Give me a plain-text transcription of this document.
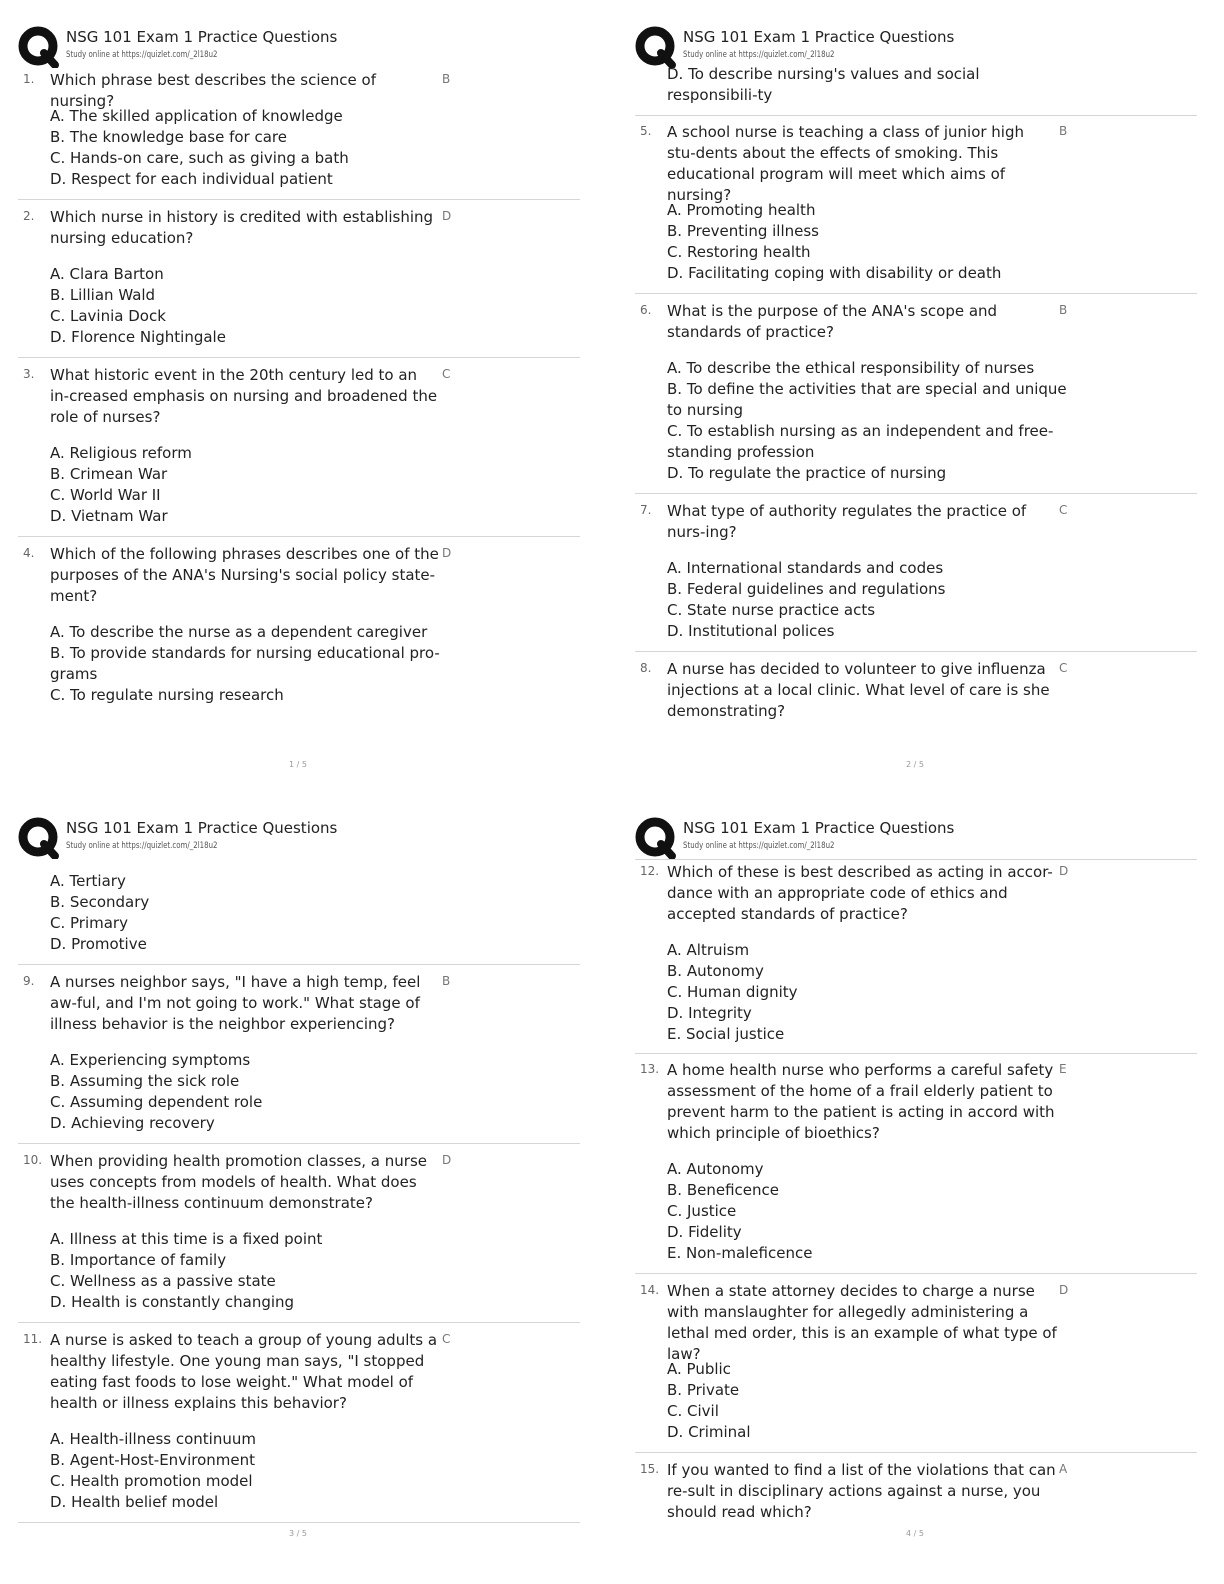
NSG 101 Exam 1 Practice Questions
Study online at https://quizlet.com/_2l18u2
1. Which phrase best describes the science of nursing?
B
A. The skilled application of knowledge
B. The knowledge base for care
C. Hands-on care, such as giving a bath
D. Respect for each individual patient
2. Which nurse in history is credited with establishing nursing education?
D
A. Clara Barton
B. Lillian Wald
C. Lavinia Dock
D. Florence Nightingale
3. What historic event in the 20th century led to an in-creased emphasis on nursing and broadened the role of nurses?
C
A. Religious reform
B. Crimean War
C. World War II
D. Vietnam War
4. Which of the following phrases describes one of the purposes of the ANA's Nursing's social policy state-ment?
D
A. To describe the nurse as a dependent caregiver
B. To provide standards for nursing educational pro-grams
C. To regulate nursing research
1 / 5
NSG 101 Exam 1 Practice Questions
Study online at https://quizlet.com/_2l18u2
D. To describe nursing's values and social responsibili-ty
5. A school nurse is teaching a class of junior high stu-dents about the effects of smoking. This educational program will meet which aims of nursing?
B
A. Promoting health
B. Preventing illness
C. Restoring health
D. Facilitating coping with disability or death
6. What is the purpose of the ANA's scope and standards of practice?
B
A. To describe the ethical responsibility of nurses
B. To define the activities that are special and unique to nursing
C. To establish nursing as an independent and free-standing profession
D. To regulate the practice of nursing
7. What type of authority regulates the practice of nurs-ing?
C
A. International standards and codes
B. Federal guidelines and regulations
C. State nurse practice acts
D. Institutional polices
8. A nurse has decided to volunteer to give influenza injections at a local clinic. What level of care is she demonstrating?
C
2 / 5
NSG 101 Exam 1 Practice Questions
Study online at https://quizlet.com/_2l18u2
A. Tertiary
B. Secondary
C. Primary
D. Promotive
9. A nurses neighbor says, "I have a high temp, feel aw-ful, and I'm not going to work." What stage of illness behavior is the neighbor experiencing?
B
A. Experiencing symptoms
B. Assuming the sick role
C. Assuming dependent role
D. Achieving recovery
10. When providing health promotion classes, a nurse uses concepts from models of health. What does the health-illness continuum demonstrate?
D
A. Illness at this time is a fixed point
B. Importance of family
C. Wellness as a passive state
D. Health is constantly changing
11. A nurse is asked to teach a group of young adults a healthy lifestyle. One young man says, "I stopped eating fast foods to lose weight." What model of health or illness explains this behavior?
C
A. Health-illness continuum
B. Agent-Host-Environment
C. Health promotion model
D. Health belief model
3 / 5
NSG 101 Exam 1 Practice Questions
Study online at https://quizlet.com/_2l18u2
12. Which of these is best described as acting in accor-dance with an appropriate code of ethics and accepted standards of practice?
D
A. Altruism
B. Autonomy
C. Human dignity
D. Integrity
E. Social justice
13. A home health nurse who performs a careful safety assessment of the home of a frail elderly patient to prevent harm to the patient is acting in accord with which principle of bioethics?
E
A. Autonomy
B. Beneficence
C. Justice
D. Fidelity
E. Non-maleficence
14. When a state attorney decides to charge a nurse with manslaughter for allegedly administering a lethal med order, this is an example of what type of law?
D
A. Public
B. Private
C. Civil
D. Criminal
15. If you wanted to find a list of the violations that can re-sult in disciplinary actions against a nurse, you should read which?
A
4 / 5
